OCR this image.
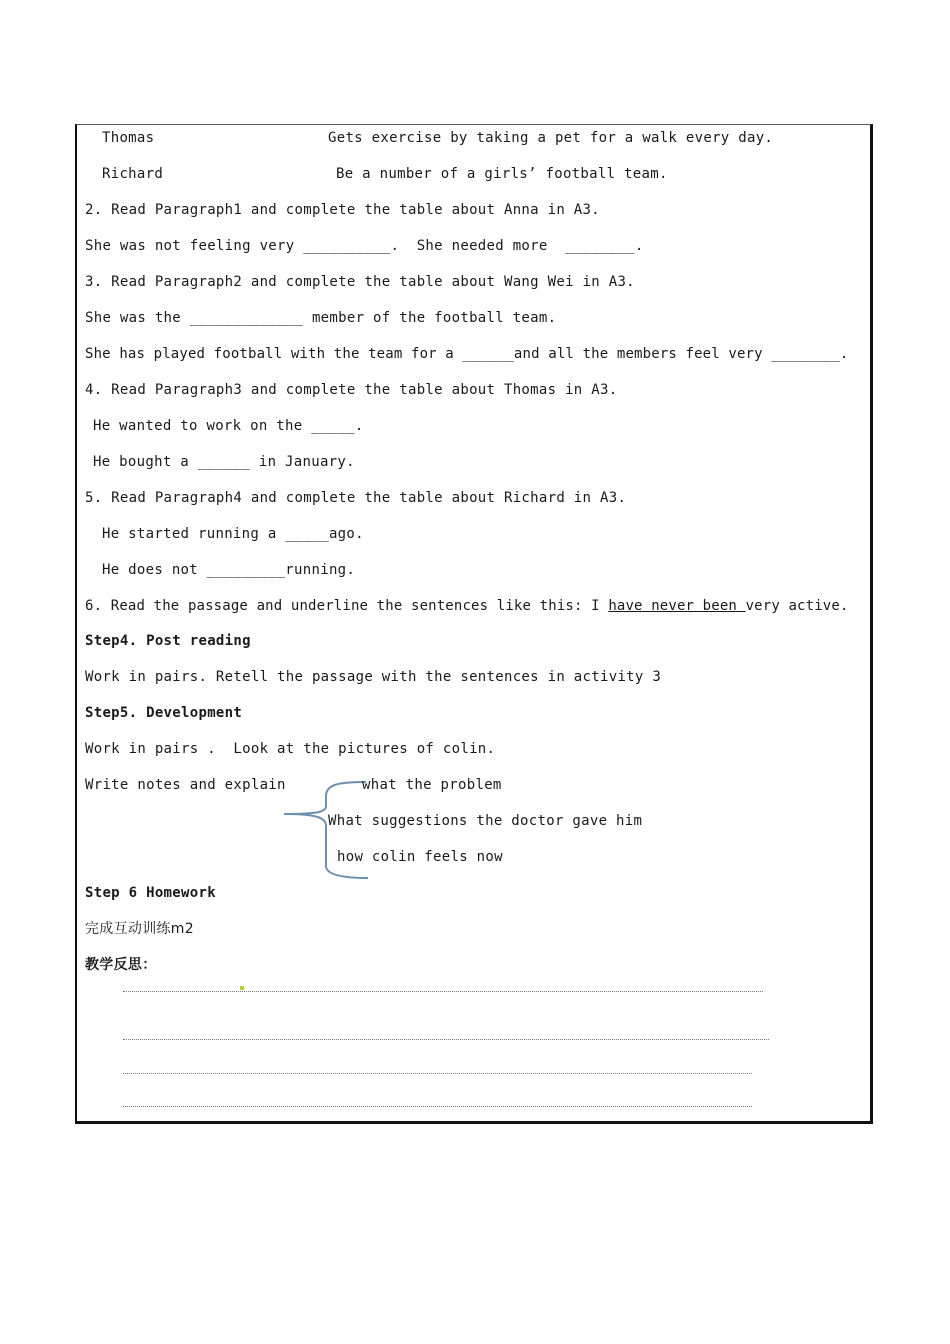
Thomas	Gets exercise by taking a pet for a walk every day.
Richard	Be a number of a girls’ football team.
2. Read Paragraph1 and complete the table about Anna in A3.
She was not feeling very __________.  She needed more  ________.
3. Read Paragraph2 and complete the table about Wang Wei in A3.
She was the _____________ member of the football team.
She has played football with the team for a ______and all the members feel very ________.
4. Read Paragraph3 and complete the table about Thomas in A3.
He wanted to work on the _____.
He bought a ______ in January.
5. Read Paragraph4 and complete the table about Richard in A3.
He started running a _____ago.
He does not _________running.
6. Read the passage and underline the sentences like this: I have never been very active.
Step4. Post reading
Work in pairs. Retell the passage with the sentences in activity 3
Step5. Development
Work in pairs .  Look at the pictures of colin.
Write notes and explain	what the problem
What suggestions the doctor gave him
how colin feels now
Step 6 Homework
完成互动训练m2
教学反思：
